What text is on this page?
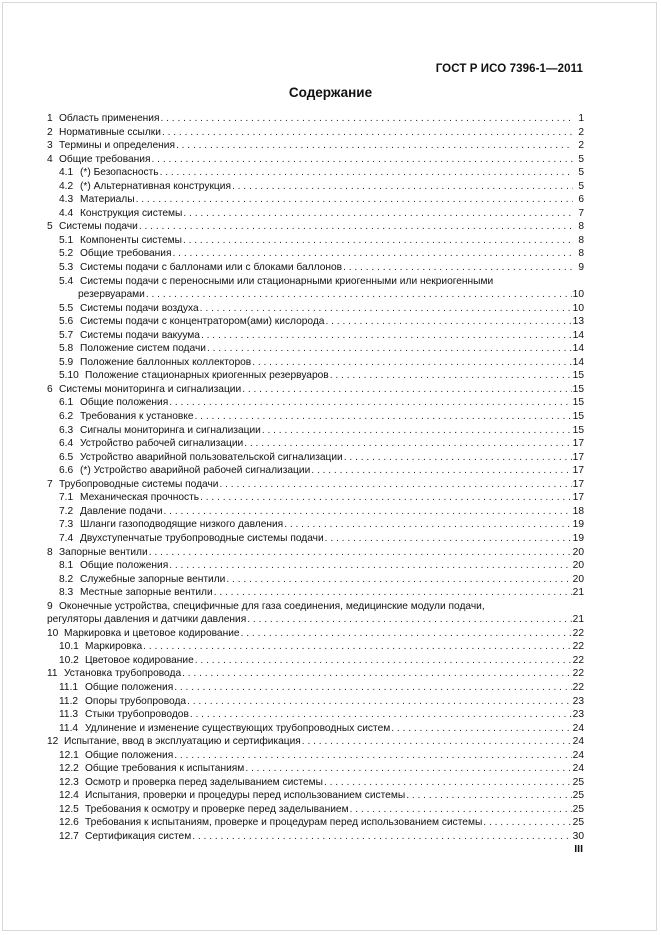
ГОСТ Р ИСО 7396-1—2011
Содержание
1 Область применения . . .	1
2 Нормативные ссылки . . .	2
3 Термины и определения . . .	2
4 Общие требования . . .	5
4.1 (*) Безопасность . . .	5
4.2 (*) Альтернативная конструкция . . .	5
4.3 Материалы . . .	6
4.4 Конструкция системы . . .	7
5 Системы подачи . . .	8
5.1 Компоненты системы . . .	8
5.2 Общие требования . . .	8
5.3 Системы подачи с баллонами или с блоками баллонов . . .	9
5.4 Системы подачи с переносными или стационарными криогенными или некриогенными
резервуарами . . .	10
5.5 Системы подачи воздуха . . .	10
5.6 Системы подачи с концентратором(ами) кислорода . . .	13
5.7 Системы подачи вакуума . . .	14
5.8 Положение систем подачи . . .	14
5.9 Положение баллонных коллекторов . . .	14
5.10 Положение стационарных криогенных резервуаров . . .	15
6 Системы мониторинга и сигнализации . . .	15
6.1 Общие положения . . .	15
6.2 Требования к установке . . .	15
6.3 Сигналы мониторинга и сигнализации . . .	15
6.4 Устройство рабочей сигнализации . . .	17
6.5 Устройство аварийной пользовательской сигнализации . . .	17
6.6 (*) Устройство аварийной рабочей сигнализации . . .	17
7 Трубопроводные системы подачи . . .	17
7.1 Механическая прочность . . .	17
7.2 Давление подачи . . .	18
7.3 Шланги газоподводящие низкого давления . . .	19
7.4 Двухступенчатые трубопроводные системы подачи . . .	19
8 Запорные вентили . . .	20
8.1 Общие положения . . .	20
8.2 Служебные запорные вентили . . .	20
8.3 Местные запорные вентили . . .	21
9 Оконечные устройства, специфичные для газа соединения, медицинские модули подачи,
регуляторы давления и датчики давления . . .	21
10 Маркировка и цветовое кодирование . . .	22
10.1 Маркировка . . .	22
10.2 Цветовое кодирование . . .	22
11 Установка трубопровода . . .	22
11.1 Общие положения . . .	22
11.2 Опоры трубопровода . . .	23
11.3 Стыки трубопроводов . . .	23
11.4 Удлинение и изменение существующих трубопроводных систем . . .	24
12 Испытание, ввод в эксплуатацию и сертификация . . .	24
12.1 Общие положения . . .	24
12.2 Общие требования к испытаниям . . .	24
12.3 Осмотр и проверка перед заделыванием системы . . .	25
12.4 Испытания, проверки и процедуры перед использованием системы . . .	25
12.5 Требования к осмотру и проверке перед заделыванием . . .	25
12.6 Требования к испытаниям, проверке и процедурам перед использованием системы . . .	25
12.7 Сертификация систем . . .	30
III
